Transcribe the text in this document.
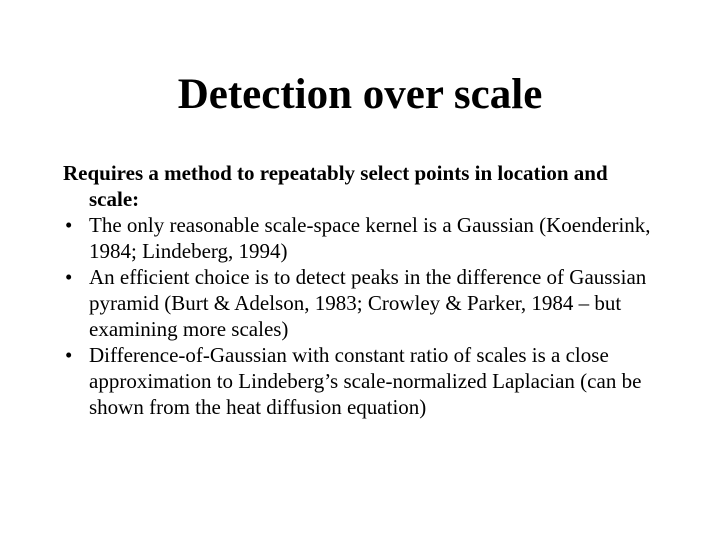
Detection over scale

Requires a method to repeatably select points in location and scale:

• The only reasonable scale-space kernel is a Gaussian (Koenderink, 1984; Lindeberg, 1994)
• An efficient choice is to detect peaks in the difference of Gaussian pyramid (Burt & Adelson, 1983; Crowley & Parker, 1984 – but examining more scales)
• Difference-of-Gaussian with constant ratio of scales is a close approximation to Lindeberg’s scale-normalized Laplacian (can be shown from the heat diffusion equation)
